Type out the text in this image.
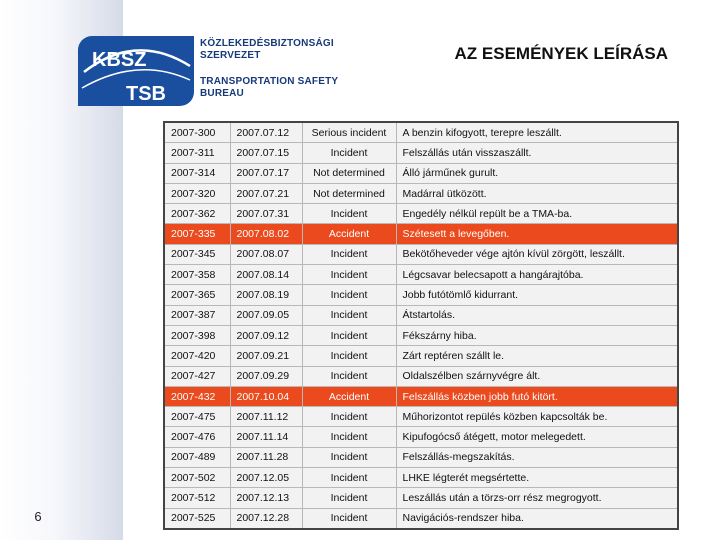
6
KBSZ
TSB
KÖZLEKEDÉSBIZTONSÁGI
SZERVEZET
TRANSPORTATION SAFETY
BUREAU
AZ ESEMÉNYEK LEÍRÁSA
2007-300	2007.07.12	Serious incident	A benzin kifogyott, terepre leszállt.
2007-311	2007.07.15	Incident	Felszállás után visszaszállt.
2007-314	2007.07.17	Not determined	Álló járműnek gurult.
2007-320	2007.07.21	Not determined	Madárral ütközött.
2007-362	2007.07.31	Incident	Engedély nélkül repült be a TMA-ba.
2007-335	2007.08.02	Accident	Szétesett a levegőben.
2007-345	2007.08.07	Incident	Bekötőheveder vége ajtón kívül zörgött, leszállt.
2007-358	2007.08.14	Incident	Légcsavar belecsapott a hangárajtóba.
2007-365	2007.08.19	Incident	Jobb futótömlő kidurrant.
2007-387	2007.09.05	Incident	Átstartolás.
2007-398	2007.09.12	Incident	Fékszárny hiba.
2007-420	2007.09.21	Incident	Zárt reptéren szállt le.
2007-427	2007.09.29	Incident	Oldalszélben szárnyvégre ált.
2007-432	2007.10.04	Accident	Felszállás közben jobb futó kitört.
2007-475	2007.11.12	Incident	Műhorizontot repülés közben kapcsolták be.
2007-476	2007.11.14	Incident	Kipufogócső átégett, motor melegedett.
2007-489	2007.11.28	Incident	Felszállás-megszakítás.
2007-502	2007.12.05	Incident	LHKE légterét megsértette.
2007-512	2007.12.13	Incident	Leszállás után a törzs-orr rész megrogyott.
2007-525	2007.12.28	Incident	Navigációs-rendszer hiba.
